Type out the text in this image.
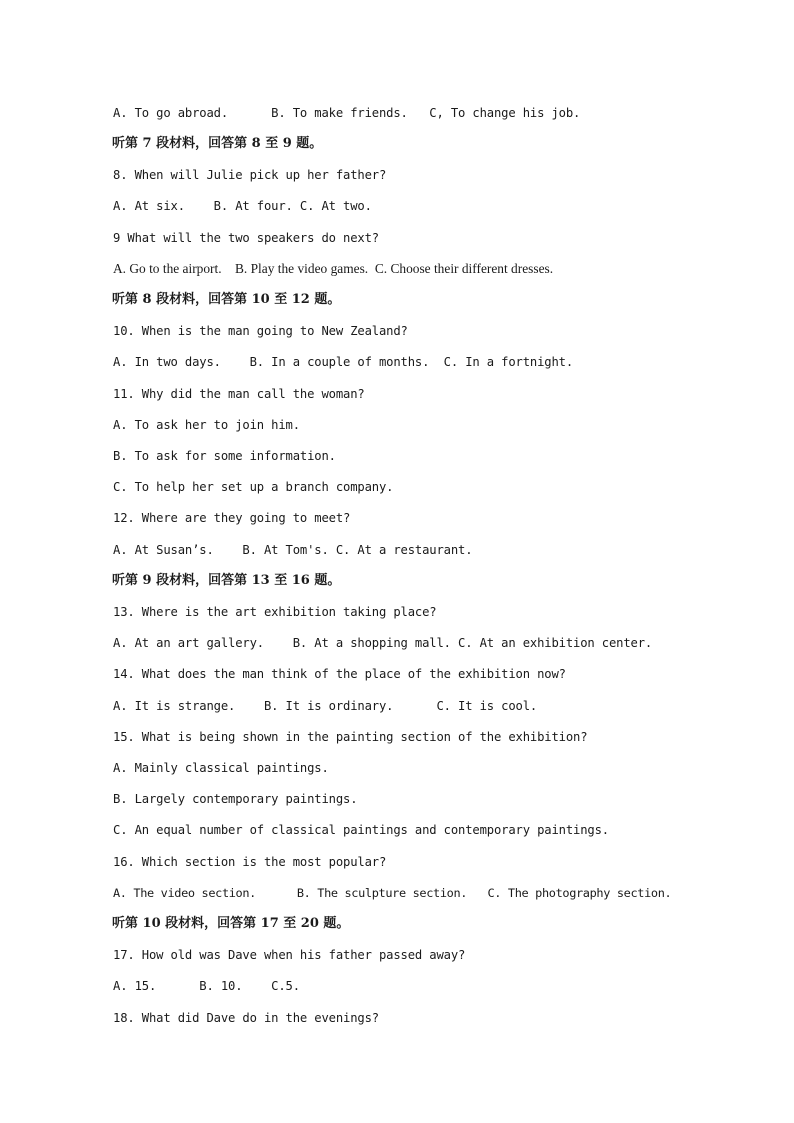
A. To go abroad.      B. To make friends.   C, To change his job.
听第 7 段材料，回答第 8 至 9 题。
8. When will Julie pick up her father?
A. At six.    B. At four. C. At two.
9 What will the two speakers do next?
A. Go to the airport.    B. Play the video games.  C. Choose their different dresses.
听第 8 段材料，回答第 10 至 12 题。
10. When is the man going to New Zealand?
A. In two days.    B. In a couple of months.  C. In a fortnight.
11. Why did the man call the woman?
A. To ask her to join him.
B. To ask for some information.
C. To help her set up a branch company.
12. Where are they going to meet?
A. At Susan’s.    B. At Tom's. C. At a restaurant.
听第 9 段材料，回答第 13 至 16 题。
13. Where is the art exhibition taking place?
A. At an art gallery.    B. At a shopping mall. C. At an exhibition center.
14. What does the man think of the place of the exhibition now?
A. It is strange.    B. It is ordinary.      C. It is cool.
15. What is being shown in the painting section of the exhibition?
A. Mainly classical paintings.
B. Largely contemporary paintings.
C. An equal number of classical paintings and contemporary paintings.
16. Which section is the most popular?
A. The video section.      B. The sculpture section.   C. The photography section.
听第 10 段材料，回答第 17 至 20 题。
17. How old was Dave when his father passed away?
A. 15.      B. 10.    C.5.
18. What did Dave do in the evenings?
